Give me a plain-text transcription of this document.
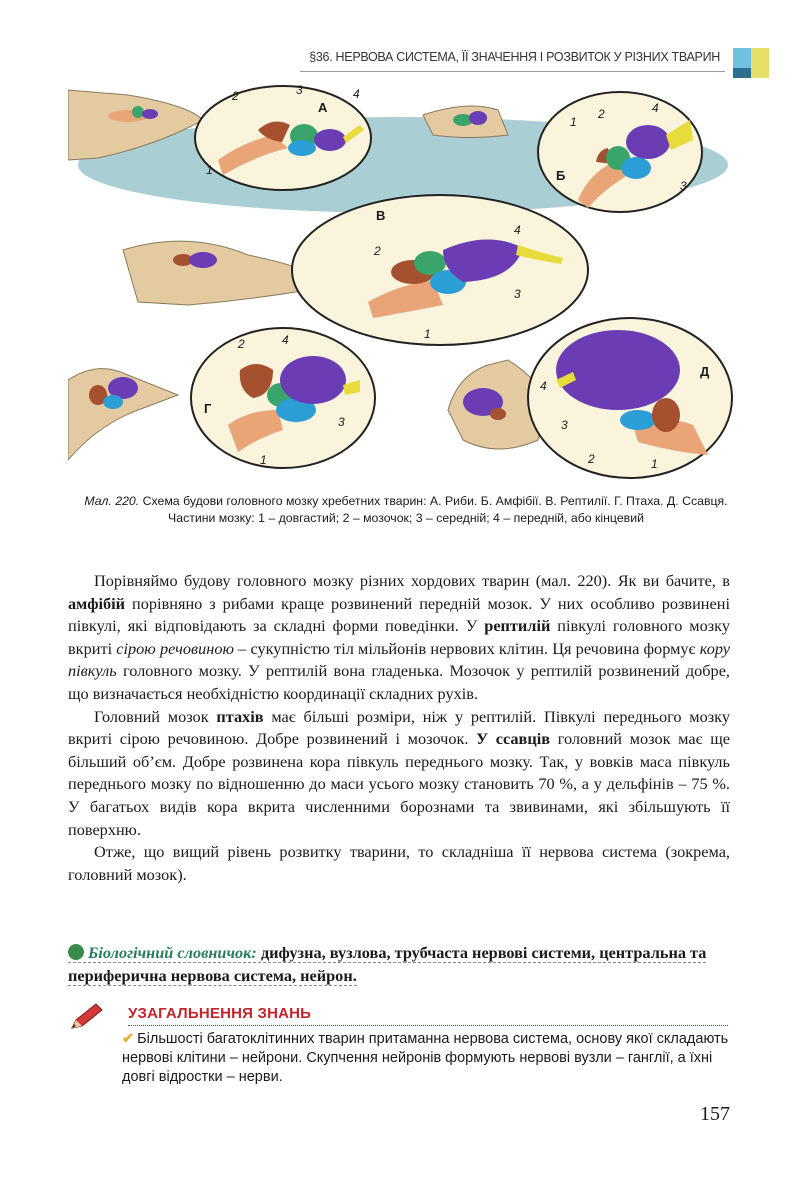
§36. НЕРВОВА СИСТЕМА, ЇЇ ЗНАЧЕННЯ І РОЗВИТОК У РІЗНИХ ТВАРИН
А
1
2	3	4
Б
1
2
3
4
В
1
2
3
4
Г
1
2
3
4
Д
1
2
3
4
Мал. 220. Схема будови головного мозку хребетних тварин: А. Риби. Б. Амфібії. В. Рептилії. Г. Птаха. Д. Ссавця. Частини мозку: 1 – довгастий; 2 – мозочок; 3 – середній; 4 – передній, або кінцевий

Порівняймо будову головного мозку різних хордових тварин (мал. 220). Як ви бачите, в амфібій порівняно з рибами краще розвинений передній мозок. У них особливо розвинені півкулі, які відповідають за складні форми поведінки. У рептилій півкулі головного мозку вкриті сірою речовиною – сукупністю тіл мільйонів нервових клітин. Ця речовина формує кору півкуль головного мозку. У рептилій вона гладенька. Мозочок у рептилій розвинений добре, що визначається необхідністю координації складних рухів.

Головний мозок птахів має більші розміри, ніж у рептилій. Півкулі переднього мозку вкриті сірою речовиною. Добре розвинений і мозочок. У ссавців головний мозок має ще більший об’єм. Добре розвинена кора півкуль переднього мозку. Так, у вовків маса півкуль переднього мозку по відношенню до маси усього мозку становить 70 %, а у дельфінів – 75 %. У багатьох видів кора вкрита численними борознами та звивинами, які збільшують її поверхню.

Отже, що вищий рівень розвитку тварини, то складніша її нервова система (зокрема, головний мозок).

Біологічний словничок: дифузна, вузлова, трубчаста нервові системи, центральна та периферична нервова система, нейрон.
УЗАГАЛЬНЕННЯ ЗНАНЬ
✔ Більшості багатоклітинних тварин притаманна нервова система, основу якої складають нервові клітини – нейрони. Скупчення нейронів формують нервові вузли – ганглії, а їхні довгі відростки – нерви.
157
